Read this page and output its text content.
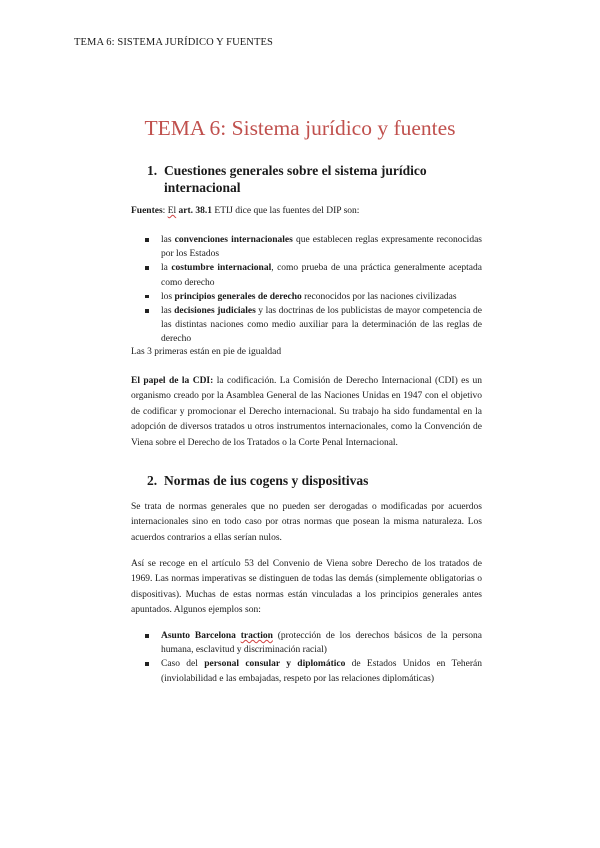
TEMA 6: SISTEMA JURÍDICO Y FUENTES
TEMA 6: Sistema jurídico y fuentes
1. Cuestiones generales sobre el sistema jurídico internacional

Fuentes: El art. 38.1 ETIJ dice que las fuentes del DIP son:

las convenciones internacionales que establecen reglas expresamente reconocidas por los Estados
la costumbre internacional, como prueba de una práctica generalmente aceptada como derecho
los principios generales de derecho reconocidos por las naciones civilizadas
las decisiones judiciales y las doctrinas de los publicistas de mayor competencia de las distintas naciones como medio auxiliar para la determinación de las reglas de derecho

Las 3 primeras están en pie de igualdad

El papel de la CDI: la codificación. La Comisión de Derecho Internacional (CDI) es un organismo creado por la Asamblea General de las Naciones Unidas en 1947 con el objetivo de codificar y promocionar el Derecho internacional. Su trabajo ha sido fundamental en la adopción de diversos tratados u otros instrumentos internacionales, como la Convención de Viena sobre el Derecho de los Tratados o la Corte Penal Internacional.

2. Normas de ius cogens y dispositivas

Se trata de normas generales que no pueden ser derogadas o modificadas por acuerdos internacionales sino en todo caso por otras normas que posean la misma naturaleza. Los acuerdos contrarios a ellas serían nulos.

Así se recoge en el artículo 53 del Convenio de Viena sobre Derecho de los tratados de 1969. Las normas imperativas se distinguen de todas las demás (simplemente obligatorias o dispositivas). Muchas de estas normas están vinculadas a los principios generales antes apuntados. Algunos ejemplos son:

Asunto Barcelona traction (protección de los derechos básicos de la persona humana, esclavitud y discriminación racial)
Caso del personal consular y diplomático de Estados Unidos en Teherán (inviolabilidad e las embajadas, respeto por las relaciones diplomáticas)
